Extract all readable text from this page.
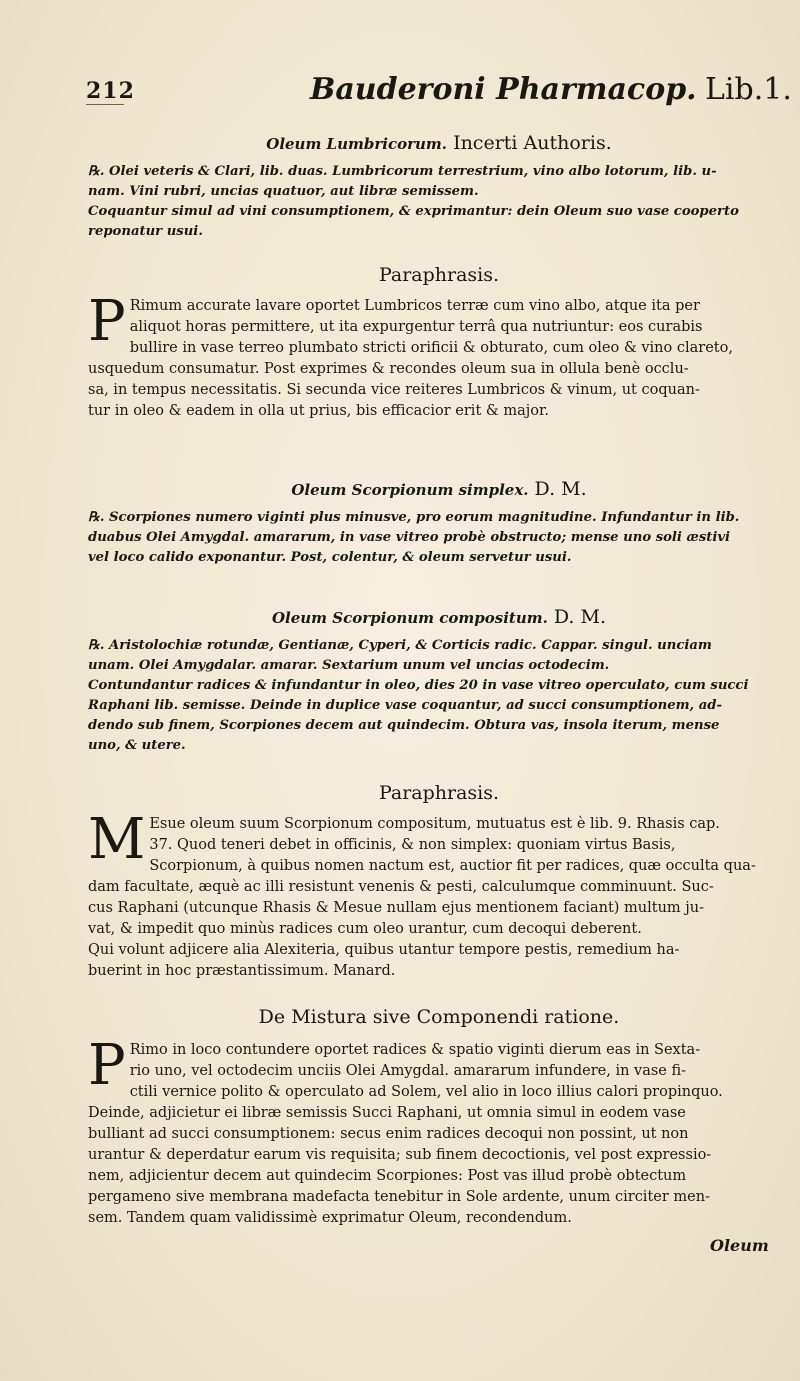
212	Bauderoni Pharmacop. Lib.1.
Oleum Lumbricorum. Incerti Authoris.
℞. Olei veteris & Clari, lib. duas. Lumbricorum terrestrium, vino albo lotorum, lib. u-
nam. Vini rubri, uncias quatuor, aut libræ semissem.
Coquantur simul ad vini consumptionem, & exprimantur: dein Oleum suo vase cooperto
reponatur usui.
Paraphrasis.
P Rimum accurate lavare oportet Lumbricos terræ cum vino albo, atque ita per
aliquot horas permittere, ut ita expurgentur terrâ qua nutriuntur: eos curabis
bullire in vase terreo plumbato stricti orificii & obturato, cum oleo & vino clareto,
usquedum consumatur. Post exprimes & recondes oleum sua in ollula benè occlu-
sa, in tempus necessitatis. Si secunda vice reiteres Lumbricos & vinum, ut coquan-
tur in oleo & eadem in olla ut prius, bis efficacior erit & major.
Oleum Scorpionum simplex. D. M.
℞. Scorpiones numero viginti plus minusve, pro eorum magnitudine. Infundantur in lib.
duabus Olei Amygdal. amararum, in vase vitreo probè obstructo; mense uno soli æstivi
vel loco calido exponantur. Post, colentur, & oleum servetur usui.
Oleum Scorpionum compositum. D. M.
℞. Aristolochiæ rotundæ, Gentianæ, Cyperi, & Corticis radic. Cappar. singul. unciam
unam. Olei Amygdalar. amarar. Sextarium unum vel uncias octodecim.
Contundantur radices & infundantur in oleo, dies 20 in vase vitreo operculato, cum succi
Raphani lib. semisse. Deinde in duplice vase coquantur, ad succi consumptionem, ad-
dendo sub finem, Scorpiones decem aut quindecim. Obtura vas, insola iterum, mense
uno, & utere.
Paraphrasis.
M Esue oleum suum Scorpionum compositum, mutuatus est è lib. 9. Rhasis cap.
37. Quod teneri debet in officinis, & non simplex: quoniam virtus Basis,
Scorpionum, à quibus nomen nactum est, auctior fit per radices, quæ occulta qua-
dam facultate, æquè ac illi resistunt venenis & pesti, calculumque comminuunt. Suc-
cus Raphani (utcunque Rhasis & Mesue nullam ejus mentionem faciant) multum ju-
vat, & impedit quo minùs radices cum oleo urantur, cum decoqui deberent.
Qui volunt adjicere alia Alexiteria, quibus utantur tempore pestis, remedium ha-
buerint in hoc præstantissimum. Manard.
De Mistura sive Componendi ratione.
P Rimo in loco contundere oportet radices & spatio viginti dierum eas in Sexta-
rio uno, vel octodecim unciis Olei Amygdal. amararum infundere, in vase fi-
ctili vernice polito & operculato ad Solem, vel alio in loco illius calori propinquo.
Deinde, adjicietur ei libræ semissis Succi Raphani, ut omnia simul in eodem vase
bulliant ad succi consumptionem: secus enim radices decoqui non possint, ut non
urantur & deperdatur earum vis requisita; sub finem decoctionis, vel post expressio-
nem, adjicientur decem aut quindecim Scorpiones: Post vas illud probè obtectum
pergameno sive membrana madefacta tenebitur in Sole ardente, unum circiter men-
sem. Tandem quam validissimè exprimatur Oleum, recondendum.
Oleum
